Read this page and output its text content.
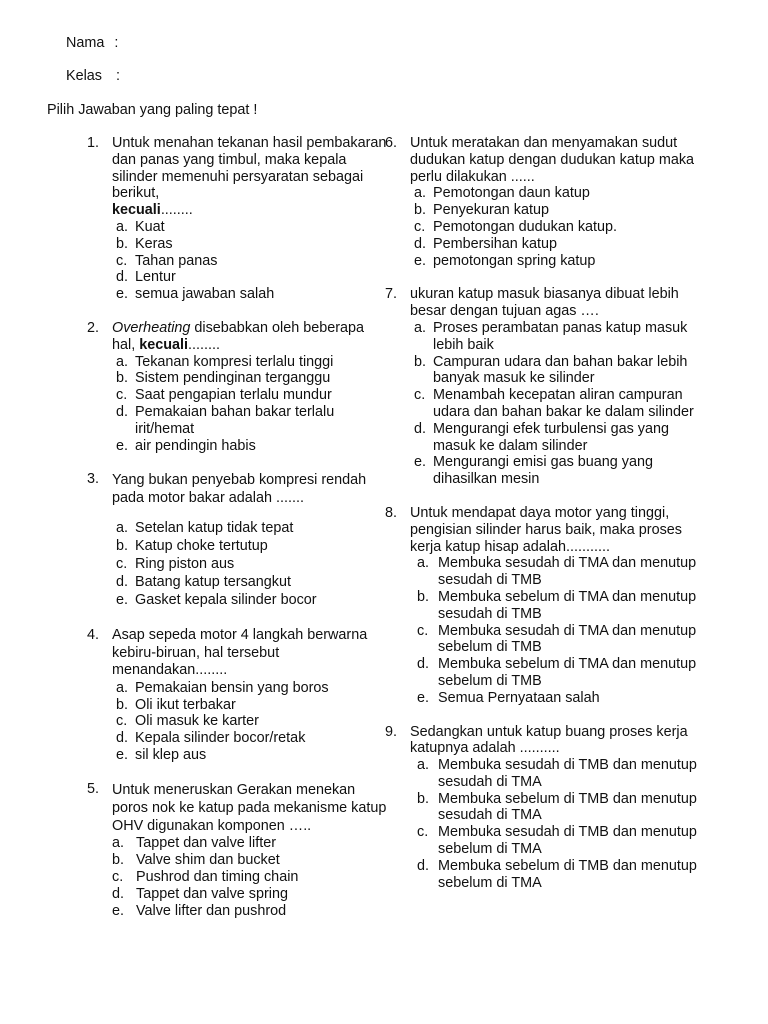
Nama :
Kelas :
Pilih Jawaban yang paling tepat !
1. Untuk menahan tekanan hasil pembakaran dan panas yang timbul, maka kepala silinder memenuhi persyaratan sebagai berikut,
kecuali........
a. Kuat
b. Keras
c. Tahan panas
d. Lentur
e. semua jawaban salah
2. Overheating disebabkan oleh beberapa hal, kecuali........
a. Tekanan kompresi terlalu tinggi
b. Sistem pendinginan terganggu
c. Saat pengapian terlalu mundur
d. Pemakaian bahan bakar terlalu irit/hemat
e. air pendingin habis
3. Yang bukan penyebab kompresi rendah pada motor bakar adalah .......
a. Setelan katup tidak tepat
b. Katup choke tertutup
c. Ring piston aus
d. Batang katup tersangkut
e. Gasket kepala silinder bocor
4. Asap sepeda motor 4 langkah berwarna kebiru-biruan, hal tersebut menandakan........
a. Pemakaian bensin yang boros
b. Oli ikut terbakar
c. Oli masuk ke karter
d. Kepala silinder bocor/retak
e. sil klep aus
5. Untuk meneruskan Gerakan menekan poros nok ke katup pada mekanisme katup OHV digunakan komponen …..
a. Tappet dan valve lifter
b. Valve shim dan bucket
c. Pushrod dan timing chain
d. Tappet dan valve spring
e. Valve lifter dan pushrod
6. Untuk meratakan dan menyamakan sudut dudukan katup dengan dudukan katup maka perlu dilakukan ......
a. Pemotongan daun katup
b. Penyekuran katup
c. Pemotongan dudukan katup.
d. Pembersihan katup
e. pemotongan spring katup
7. ukuran katup masuk biasanya dibuat lebih besar dengan tujuan agas ….
a. Proses perambatan panas katup masuk lebih baik
b. Campuran udara dan bahan bakar lebih banyak masuk ke silinder
c. Menambah kecepatan aliran campuran udara dan bahan bakar ke dalam silinder
d. Mengurangi efek turbulensi gas yang masuk ke dalam silinder
e. Mengurangi emisi gas buang yang dihasilkan mesin
8. Untuk mendapat daya motor yang tinggi, pengisian silinder harus baik, maka proses kerja katup hisap adalah...........
a. Membuka sesudah di TMA dan menutup sesudah di TMB
b. Membuka sebelum di TMA dan menutup sesudah di TMB
c. Membuka sesudah di TMA dan menutup sebelum di TMB
d. Membuka sebelum di TMA dan menutup sebelum di TMB
e. Semua Pernyataan salah
9. Sedangkan untuk katup buang proses kerja katupnya adalah ..........
a. Membuka sesudah di TMB dan menutup sesudah di TMA
b. Membuka sebelum di TMB dan menutup sesudah di TMA
c. Membuka sesudah di TMB dan menutup sebelum di TMA
d. Membuka sebelum di TMB dan menutup sebelum di TMA
